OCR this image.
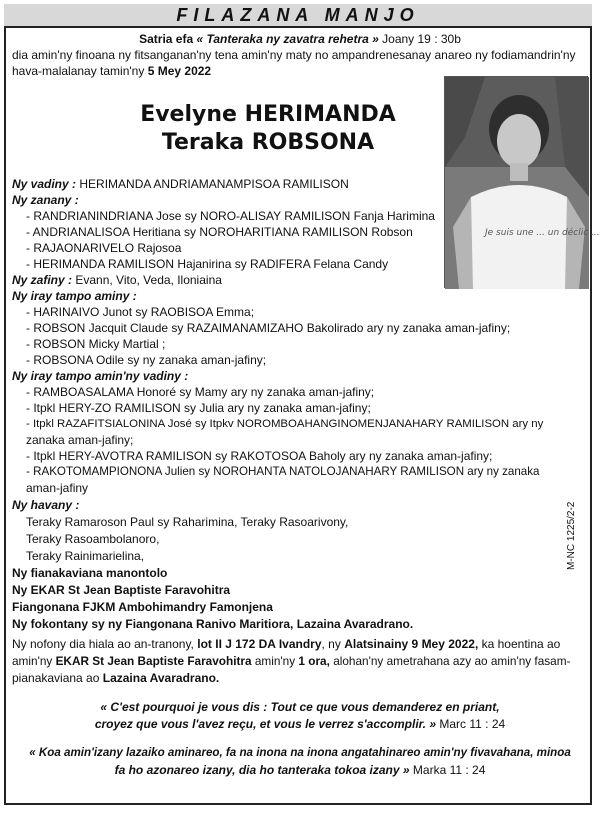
FILAZANA MANJO
Satria efa « Tanteraka ny zavatra rehetra » Joany 19 : 30b
dia amin'ny finoana ny fitsanganan'ny tena amin'ny maty no ampandrenesanay anareo ny fodiamandrin'ny
hava-malalanay tamin'ny 5 Mey 2022
Evelyne HERIMANDA
Teraka ROBSONA
Je suis une ... un déclic ...
Ny vadiny : HERIMANDA ANDRIAMANAMPISOA RAMILISON
Ny zanany :
- RANDRIANINDRIANA Jose sy NORO-ALISAY RAMILISON Fanja Harimina
- ANDRIANALISOA Heritiana sy NOROHARITIANA RAMILISON Robson
- RAJAONARIVELO Rajosoa
- HERIMANDA RAMILISON Hajanirina sy RADIFERA Felana Candy
Ny zafiny : Evann, Vito, Veda, Iloniaina
Ny iray tampo aminy :
- HARINAIVO Junot sy RAOBISOA Emma;
- ROBSON Jacquit Claude sy RAZAIMANAMIZAHO Bakolirado ary ny zanaka aman-jafiny;
- ROBSON Micky Martial ;
- ROBSONA Odile sy ny zanaka aman-jafiny;
Ny iray tampo amin'ny vadiny :
- RAMBOASALAMA Honoré sy Mamy ary ny zanaka aman-jafiny;
- Itpkl HERY-ZO RAMILISON sy Julia ary ny zanaka aman-jafiny;
- Itpkl RAZAFITSIALONINA José sy Itpkv NOROMBOAHANGINOMENJANAHARY RAMILISON ary ny
zanaka aman-jafiny;
- Itpkl HERY-AVOTRA RAMILISON sy RAKOTOSOA Baholy ary ny zanaka aman-jafiny;
- RAKOTOMAMPIONONA Julien sy NOROHANTA NATOLOJANAHARY RAMILISON ary ny zanaka
aman-jafiny
Ny havany :
Teraky Ramaroson Paul sy Raharimina, Teraky Rasoarivony,
Teraky Rasoambolanoro,
Teraky Rainimarielina,
Ny fianakaviana manontolo
Ny EKAR St Jean Baptiste Faravohitra
Fiangonana FJKM Ambohimandry Famonjena
Ny fokontany sy ny Fiangonana Ranivo Maritiora, Lazaina Avaradrano.
Ny nofony dia hiala ao an-tranony, lot II J 172 DA Ivandry, ny Alatsinainy 9 Mey 2022, ka hoentina ao
amin'ny EKAR St Jean Baptiste Faravohitra amin'ny 1 ora, alohan'ny ametrahana azy ao amin'ny fasam-
pianakaviana ao Lazaina Avaradrano.
« C'est pourquoi je vous dis : Tout ce que vous demanderez en priant,
croyez que vous l'avez reçu, et vous le verrez s'accomplir. » Marc 11 : 24
« Koa amin'izany lazaiko aminareo, fa na inona na inona angatahinareo amin'ny fivavahana, minoa
fa ho azonareo izany, dia ho tanteraka tokoa izany » Marka 11 : 24
M-NC 1225/2-2
